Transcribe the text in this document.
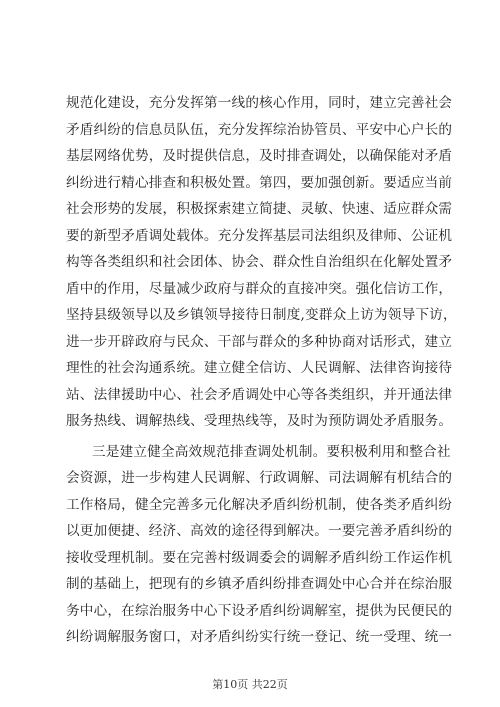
规范化建设，充分发挥第一线的核心作用，同时，建立完善社会
矛盾纠纷的信息员队伍，充分发挥综治协管员、平安中心户长的
基层网络优势，及时提供信息，及时排查调处，以确保能对矛盾
纠纷进行精心排查和积极处置。第四，要加强创新。要适应当前
社会形势的发展，积极探索建立简捷、灵敏、快速、适应群众需
要的新型矛盾调处载体。充分发挥基层司法组织及律师、公证机
构等各类组织和社会团体、协会、群众性自治组织在化解处置矛
盾中的作用，尽量减少政府与群众的直接冲突。强化信访工作，
坚持县级领导以及乡镇领导接待日制度,变群众上访为领导下访，
进一步开辟政府与民众、干部与群众的多种协商对话形式，建立
理性的社会沟通系统。建立健全信访、人民调解、法律咨询接待
站、法律援助中心、社会矛盾调处中心等各类组织，并开通法律
服务热线、调解热线、受理热线等，及时为预防调处矛盾服务。
三是建立健全高效规范排查调处机制。要积极利用和整合社
会资源，进一步构建人民调解、行政调解、司法调解有机结合的
工作格局，健全完善多元化解决矛盾纠纷机制，使各类矛盾纠纷
以更加便捷、经济、高效的途径得到解决。一要完善矛盾纠纷的
接收受理机制。要在完善村级调委会的调解矛盾纠纷工作运作机
制的基础上，把现有的乡镇矛盾纠纷排查调处中心合并在综治服
务中心，在综治服务中心下设矛盾纠纷调解室，提供为民便民的
纠纷调解服务窗口，对矛盾纠纷实行统一登记、统一受理、统一
第10页 共22页
